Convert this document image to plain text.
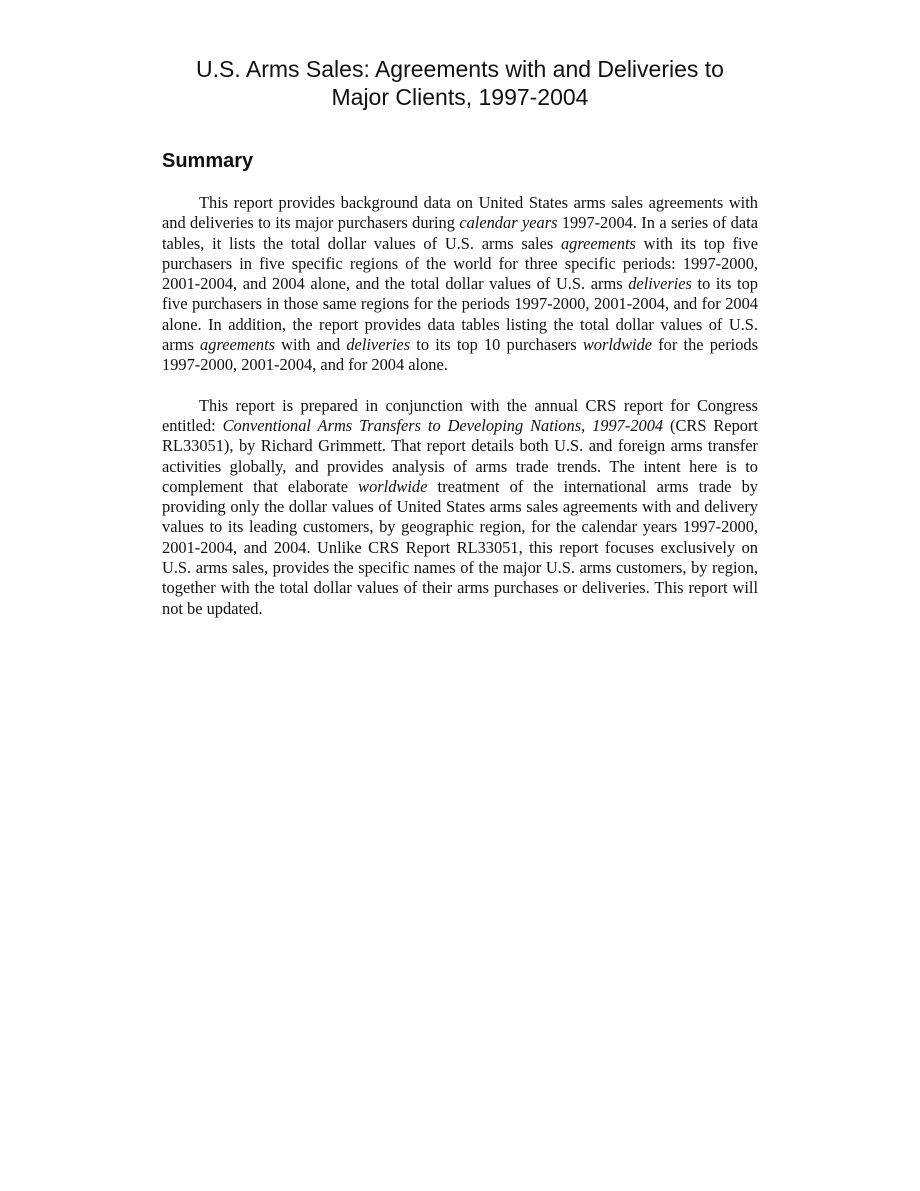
U.S. Arms Sales: Agreements with and Deliveries to
Major Clients, 1997-2004
Summary

This report provides background data on United States arms sales agreements with and deliveries to its major purchasers during calendar years 1997-2004. In a series of data tables, it lists the total dollar values of U.S. arms sales agreements with its top five purchasers in five specific regions of the world for three specific periods: 1997-2000, 2001-2004, and 2004 alone, and the total dollar values of U.S. arms deliveries to its top five purchasers in those same regions for the periods 1997-2000, 2001-2004, and for 2004 alone. In addition, the report provides data tables listing the total dollar values of U.S. arms agreements with and deliveries to its top 10 purchasers worldwide for the periods 1997-2000, 2001-2004, and for 2004 alone.

This report is prepared in conjunction with the annual CRS report for Congress entitled: Conventional Arms Transfers to Developing Nations, 1997-2004 (CRS Report RL33051), by Richard Grimmett. That report details both U.S. and foreign arms transfer activities globally, and provides analysis of arms trade trends. The intent here is to complement that elaborate worldwide treatment of the international arms trade by providing only the dollar values of United States arms sales agreements with and delivery values to its leading customers, by geographic region, for the calendar years 1997-2000, 2001-2004, and 2004. Unlike CRS Report RL33051, this report focuses exclusively on U.S. arms sales, provides the specific names of the major U.S. arms customers, by region, together with the total dollar values of their arms purchases or deliveries. This report will not be updated.
